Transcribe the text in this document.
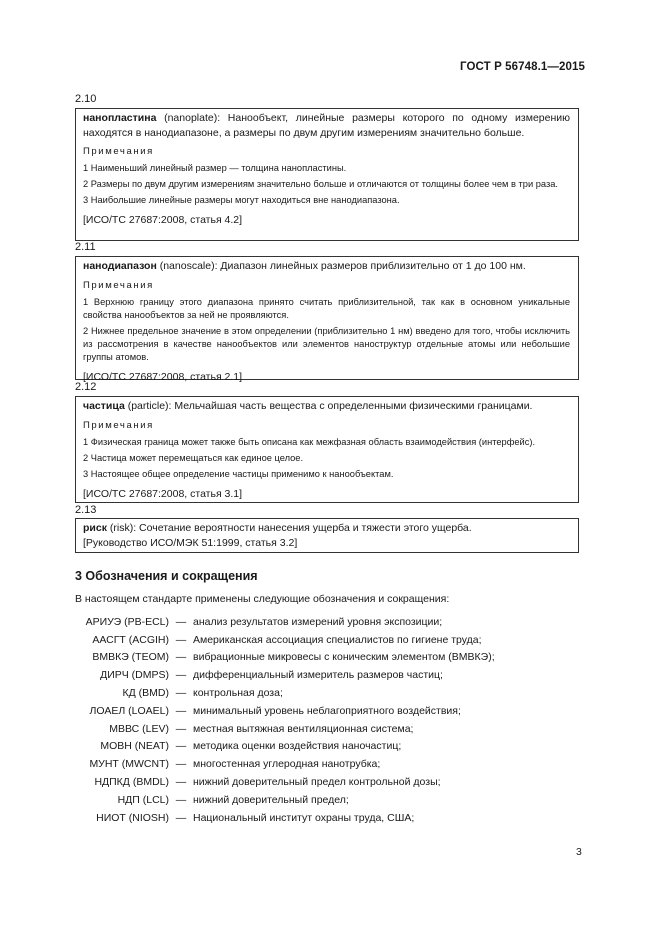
ГОСТ Р 56748.1—2015
2.10
нанопластина (nanoplate): Нанообъект, линейные размеры которого по одному измерению находятся в нанодиапазоне, а размеры по двум другим измерениям значительно больше.
Примечания
1 Наименьший линейный размер — толщина нанопластины.
2 Размеры по двум другим измерениям значительно больше и отличаются от толщины более чем в три раза.
3 Наибольшие линейные размеры могут находиться вне нанодиапазона.
[ИСО/ТС 27687:2008, статья 4.2]
2.11
нанодиапазон (nanoscale): Диапазон линейных размеров приблизительно от 1 до 100 нм.
Примечания
1 Верхнюю границу этого диапазона принято считать приблизительной, так как в основном уникальные свойства нанообъектов за ней не проявляются.
2 Нижнее предельное значение в этом определении (приблизительно 1 нм) введено для того, чтобы исключить из рассмотрения в качестве нанообъектов или элементов наноструктур отдельные атомы или небольшие группы атомов.
[ИСО/ТС 27687:2008, статья 2.1]
2.12
частица (particle): Мельчайшая часть вещества с определенными физическими границами.
Примечания
1 Физическая граница может также быть описана как межфазная область взаимодействия (интерфейс).
2 Частица может перемещаться как единое целое.
3 Настоящее общее определение частицы применимо к нанообъектам.
[ИСО/ТС 27687:2008, статья 3.1]
2.13
риск (risk): Сочетание вероятности нанесения ущерба и тяжести этого ущерба.
[Руководство ИСО/МЭК 51:1999, статья 3.2]
3 Обозначения и сокращения
В настоящем стандарте применены следующие обозначения и сокращения:
АРИУЭ (PB-ECL) — анализ результатов измерений уровня экспозиции;
ААСГТ (ACGIH) — Американская ассоциация специалистов по гигиене труда;
ВМВКЭ (TEOM) — вибрационные микровесы с коническим элементом (ВМВКЭ);
ДИРЧ (DMPS) — дифференциальный измеритель размеров частиц;
КД (BMD) — контрольная доза;
ЛОАЕЛ (LOAEL) — минимальный уровень неблагоприятного воздействия;
МВВС (LEV) — местная вытяжная вентиляционная система;
МОВН (NEAT) — методика оценки воздействия наночастиц;
МУНТ (MWCNT) — многостенная углеродная нанотрубка;
НДПКД (BMDL) — нижний доверительный предел контрольной дозы;
НДП (LCL) — нижний доверительный предел;
НИОТ (NIOSH) — Национальный институт охраны труда, США;
3
